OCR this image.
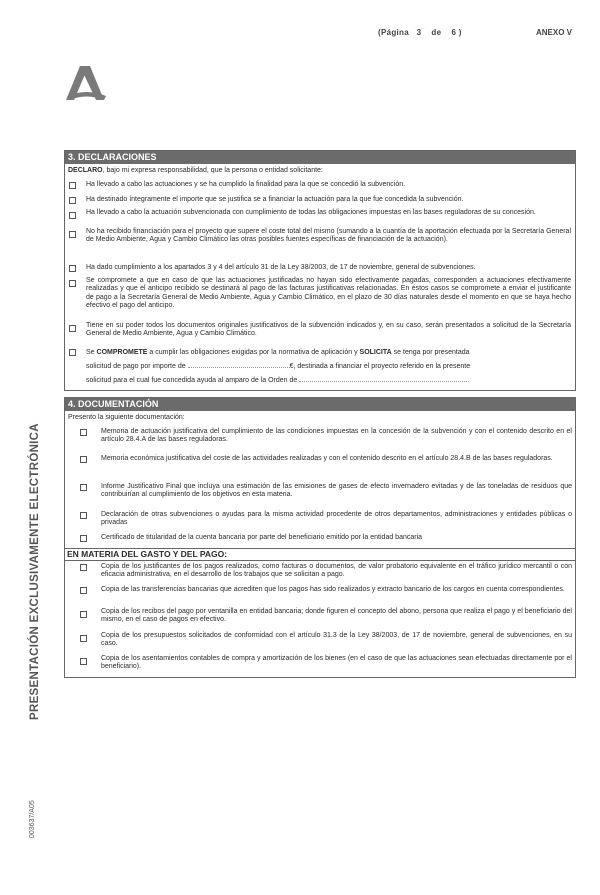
(Página 3 de 6 )	ANEXO V
PRESENTACIÓN EXCLUSIVAMENTE ELECTRÓNICA
003637/A05
3. DECLARACIONES
DECLARO, bajo mi expresa responsabilidad, que la persona o entidad solicitante:
Ha llevado a cabo las actuaciones y se ha cumplido la finalidad para la que se concedió la subvención.
Ha destinado íntegramente el importe que se justifica se a financiar la actuación para la que fue concedida la subvención.
Ha llevado a cabo la actuación subvencionada con cumplimiento de todas las obligaciones impuestas en las bases reguladoras de su concesión.
No ha recibido financiación para el proyecto que supere el coste total del mismo (sumando a la cuantía de la aportación efectuada por la Secretaría General de Medio Ambiente, Agua y Cambio Climático las otras posibles fuentes específicas de financiación de la actuación).
Ha dado cumplimiento a los apartados 3 y 4 del artículo 31 de la Ley 38/2003, de 17 de noviembre, general de subvenciones.
Se compromete a que en caso de que las actuaciones justificadas no hayan sido efectivamente pagadas, corresponden a actuaciones efectivamente realizadas y que el anticipo recibido se destinará al pago de las facturas justificativas relacionadas. En éstos casos se compromete a enviar el justificante de pago a la Secretaría General de Medio Ambiente, Agua y Cambio Climático, en el plazo de 30 días naturales desde el momento en que se haya hecho efectivo el pago del anticipo.
Tiene en su poder todos los documentos originales justificativos de la subvención indicados y, en su caso, serán presentados a solicitud de la Secretaría General de Medio Ambiente, Agua y Cambio Climático.
Se COMPROMETE a cumplir las obligaciones exigidas por la normativa de aplicación y SOLICITA se tenga por presentada
solicitud de pago por importe de	€, destinada a financiar el proyecto referido en la presente
solicitud para el cual fue concedida ayuda al amparo de la Orden de
4. DOCUMENTACIÓN
Presento la siguiente documentación:
Memoria de actuación justificativa del cumplimiento de las condiciones impuestas en la concesión de la subvención y con el contenido descrito en el artículo 28.4.A de las bases reguladoras.
Memoria económica justificativa del coste de las actividades realizadas y con el contenido descrito en el artículo 28.4.B de las bases reguladoras.
Informe Justificativo Final que incluya una estimación de las emisiones de gases de efecto invernadero evitadas y de las toneladas de residuos que contribuirían al cumplimiento de los objetivos en esta materia.
Declaración de otras subvenciones o ayudas para la misma actividad procedente de otros departamentos, administraciones y entidades públicas o privadas
Certificado de titularidad de la cuenta bancaria por parte del beneficiario emitido por la entidad bancaria
EN MATERIA DEL GASTO Y DEL PAGO:
Copia de los justificantes de los pagos realizados, como facturas o documentos, de valor probatorio equivalente en el tráfico jurídico mercantil o con eficacia administrativa, en el desarrollo de los trabajos que se solicitan a pago.
Copia de las transferencias bancarias que acrediten que los pagos has sido realizados y extracto bancario de los cargos en cuenta correspondientes.
Copia de los recibos del pago por ventanilla en entidad bancaria; donde figuren el concepto del abono, persona que realiza el pago y el beneficiario del mismo, en el caso de pagos en efectivo.
Copia de los presupuestos solicitados de conformidad con el artículo 31.3 de la Ley 38/2003, de 17 de noviembre, general de subvenciones, en su caso.
Copia de los asentamientos contables de compra y amortización de los bienes (en el caso de que las actuaciones sean efectuadas directamente por el beneficiario).
